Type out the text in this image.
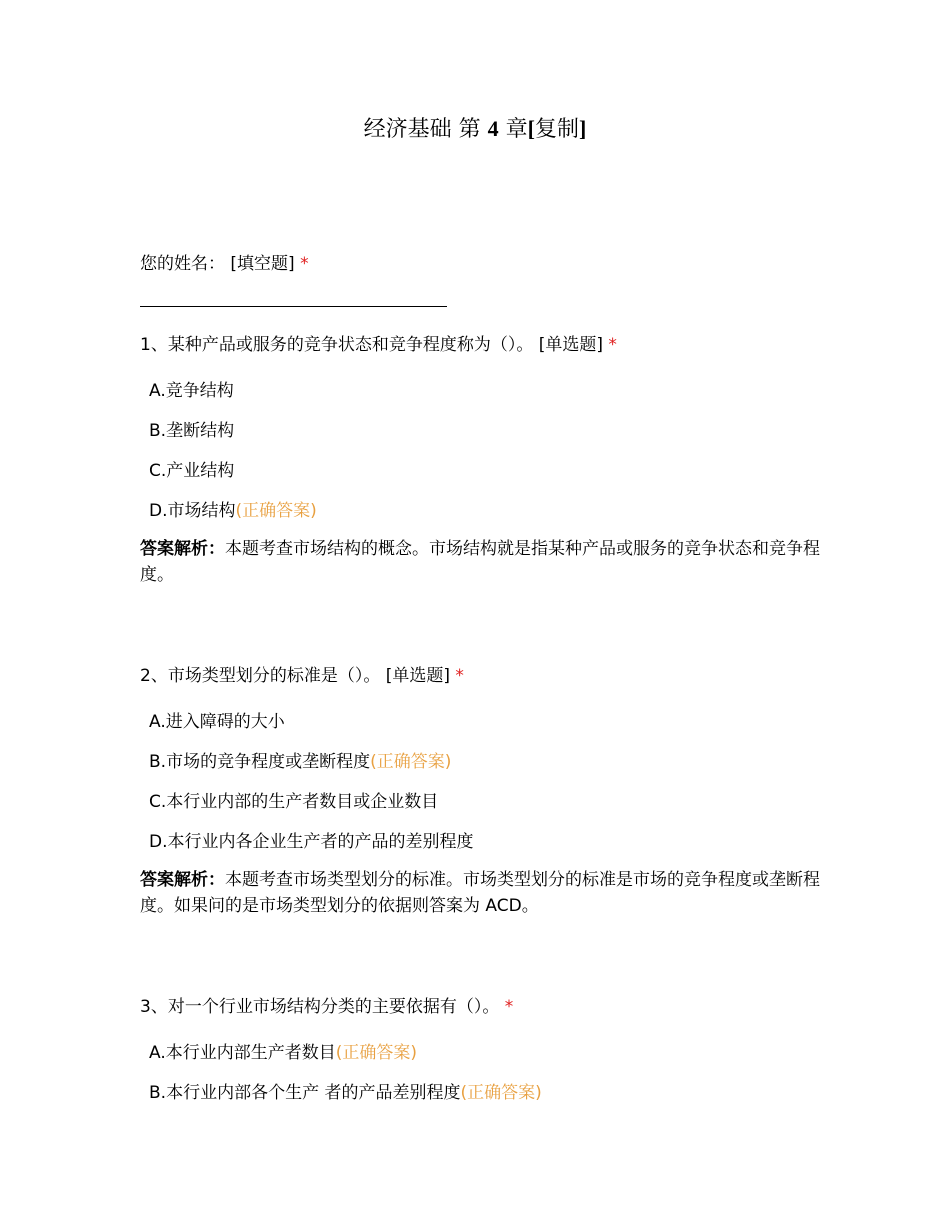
经济基础 第 4 章[复制]
您的姓名： [填空题] *
1、某种产品或服务的竞争状态和竞争程度称为（）。 [单选题] *
A.竞争结构
B.垄断结构
C.产业结构
D.市场结构(正确答案)
答案解析：本题考查市场结构的概念。市场结构就是指某种产品或服务的竞争状态和竞争程度。
2、市场类型划分的标准是（）。 [单选题] *
A.进入障碍的大小
B.市场的竞争程度或垄断程度(正确答案)
C.本行业内部的生产者数目或企业数目
D.本行业内各企业生产者的产品的差别程度
答案解析：本题考查市场类型划分的标准。市场类型划分的标准是市场的竞争程度或垄断程度。如果问的是市场类型划分的依据则答案为 ACD。
3、对一个行业市场结构分类的主要依据有（）。 *
A.本行业内部生产者数目(正确答案)
B.本行业内部各个生产 者的产品差别程度(正确答案)
